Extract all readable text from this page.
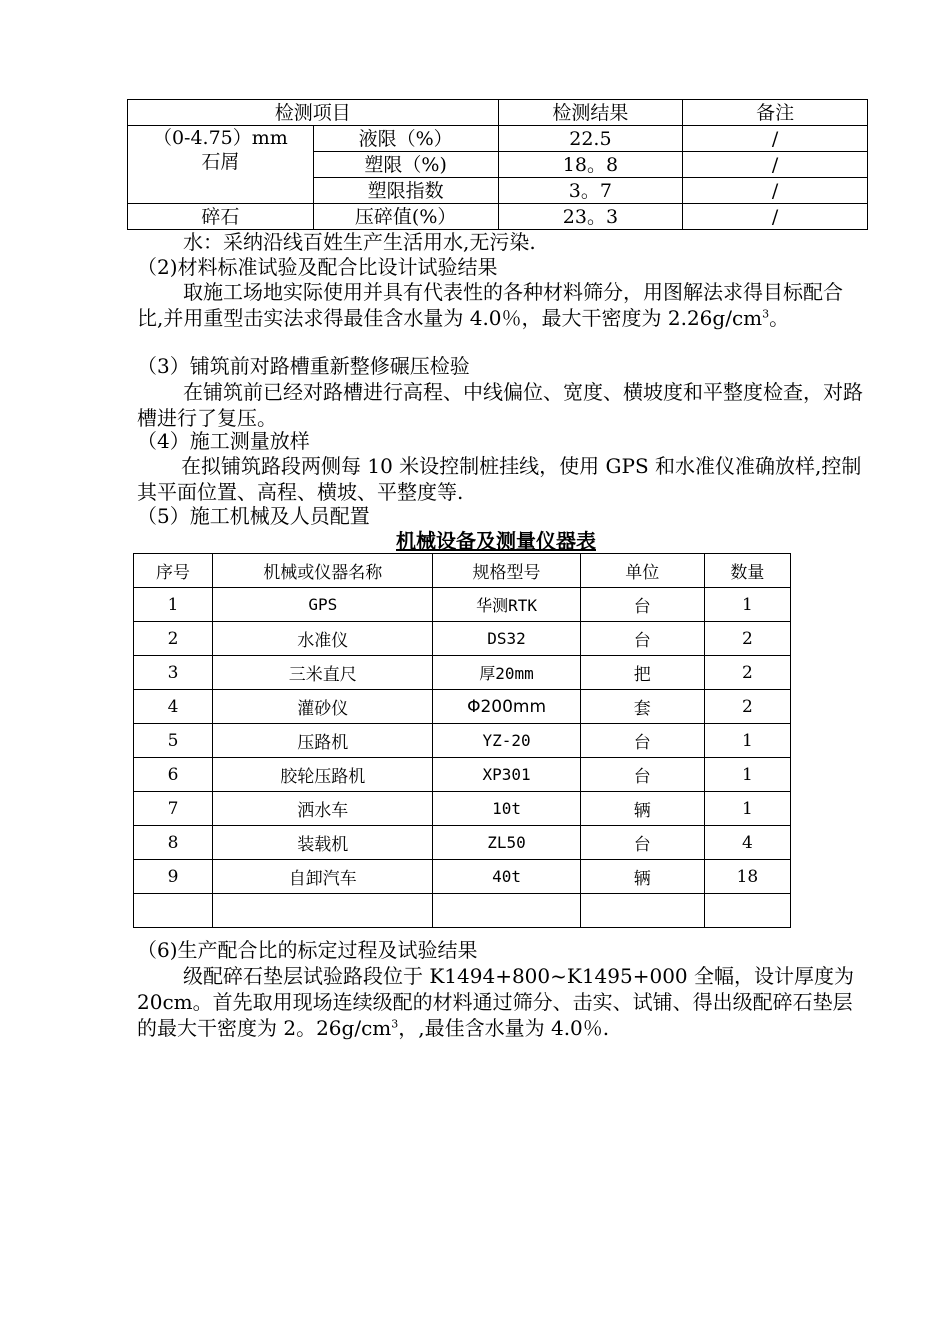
检测项目		检测结果	备注

（0-4.75）mm
石屑	液限（%）	22.5	/
	塑限（%)	18。8	/
	塑限指数	3。7	/
碎石	压碎值(%）	23。3	/
水：采纳沿线百姓生产生活用水,无污染.
（2)材料标准试验及配合比设计试验结果
取施工场地实际使用并具有代表性的各种材料筛分，用图解法求得目标配合比,并用重型击实法求得最佳含水量为 4.0％，最大干密度为 $2.26g/cm^3$。
（3）铺筑前对路槽重新整修碾压检验
在铺筑前已经对路槽进行高程、中线偏位、宽度、横坡度和平整度检查，对路槽进行了复压。
（4）施工测量放样
在拟铺筑路段两侧每 10 米设控制桩挂线，使用 GPS 和水准仪准确放样,控制其平面位置、高程、横坡、平整度等.
（5）施工机械及人员配置
机械设备及测量仪器表
序号	机械或仪器名称	规格型号	单位	数量
1	GPS	华测RTK	台	1
2	水准仪	DS32	台	2
3	三米直尺	厚20mm	把	2
4	灌砂仪	Φ200mm	套	2
5	压路机	YZ-20	台	1
6	胶轮压路机	XP301	台	1
7	洒水车	10t	辆	1
8	装载机	ZL50	台	4
9	自卸汽车	40t	辆	18

（6)生产配合比的标定过程及试验结果
级配碎石垫层试验路段位于 K1494+800~K1495+000 全幅，设计厚度为 20cm。首先取用现场连续级配的材料通过筛分、击实、试铺、得出级配碎石垫层的最大干密度为 2。$26g/cm^3$，,最佳含水量为 4.0％.
